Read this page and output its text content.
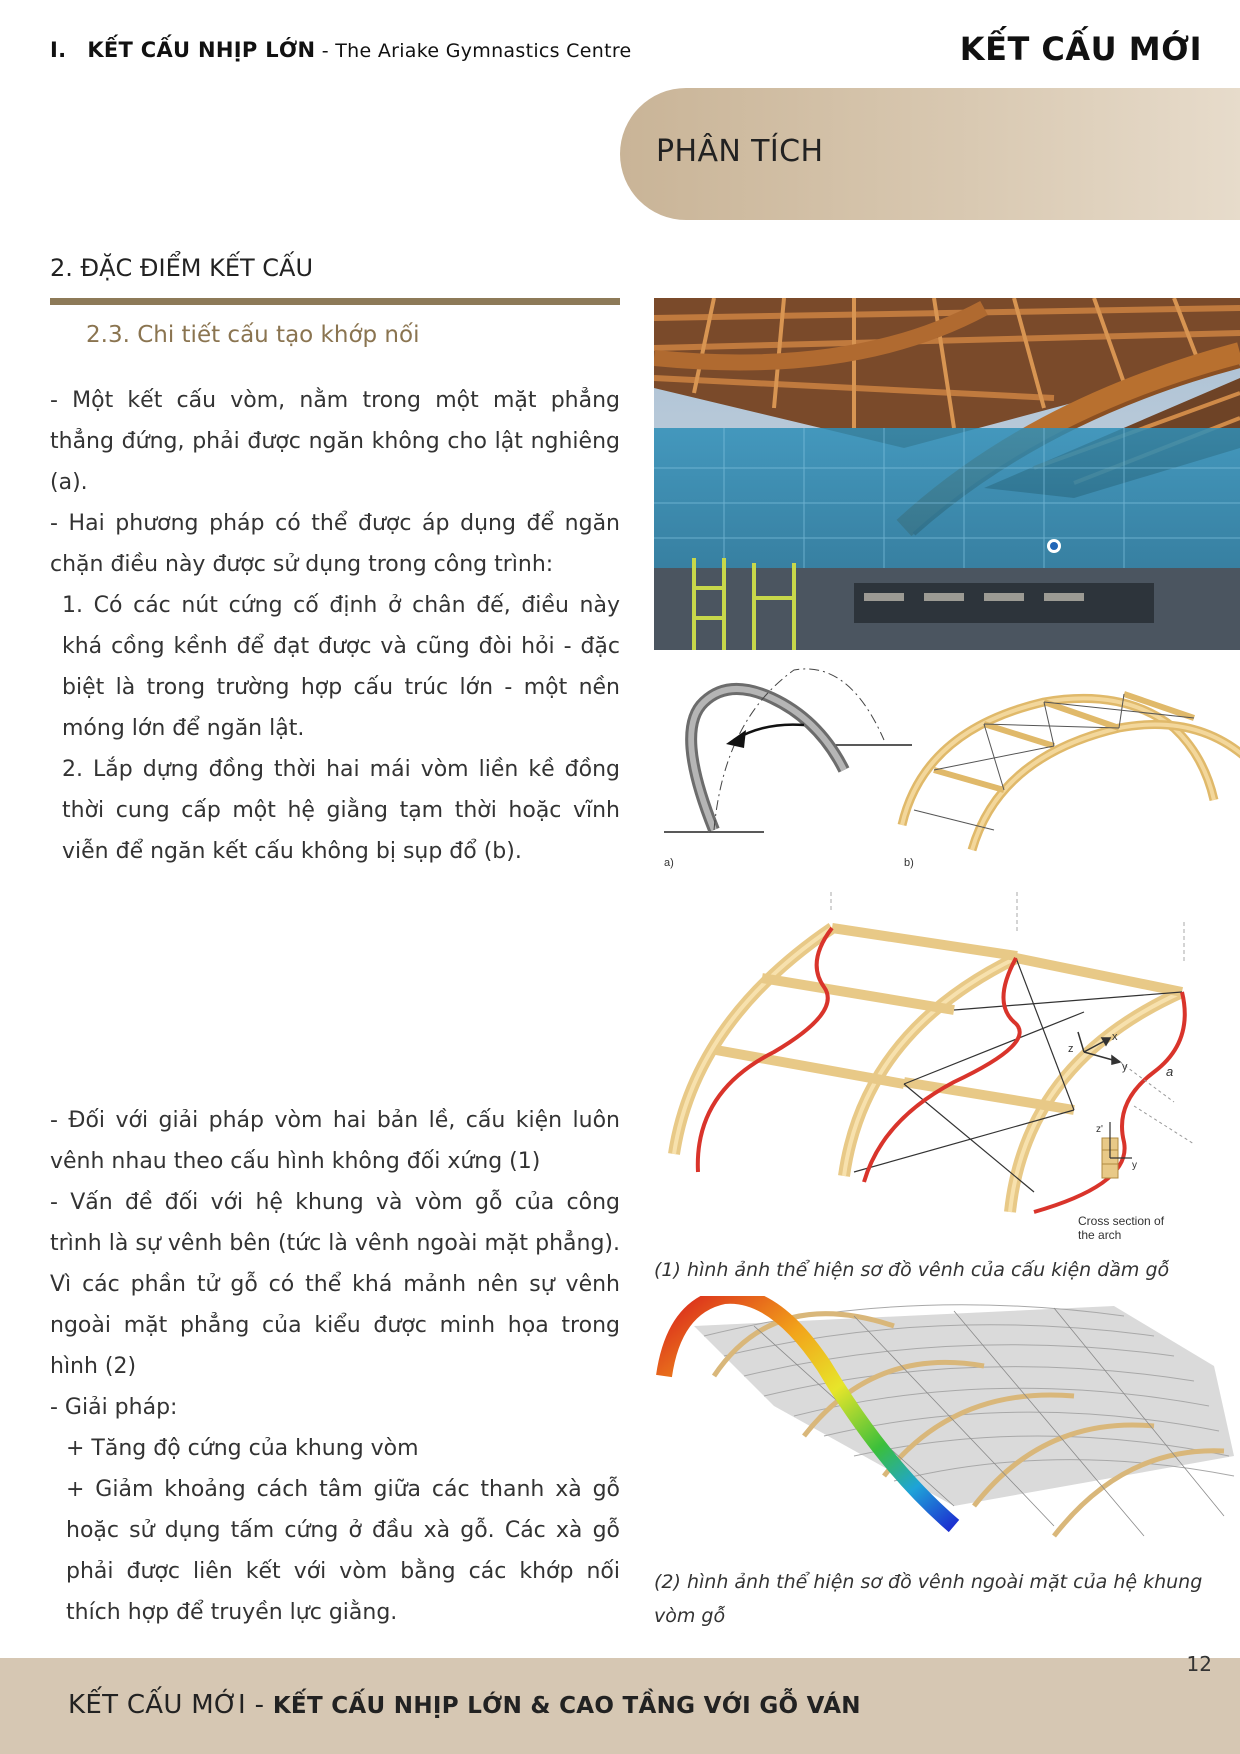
I. KẾT CẤU NHỊP LỚN - The Ariake Gymnastics Centre	KẾT CẤU MỚI
PHÂN TÍCH
2. ĐẶC ĐIỂM KẾT CẤU
2.3. Chi tiết cấu tạo khớp nối

- Một kết cấu vòm, nằm trong một mặt phẳng thẳng đứng, phải được ngăn không cho lật nghiêng (a).

- Hai phương pháp có thể được áp dụng để ngăn chặn điều này được sử dụng trong công trình:

1. Có các nút cứng cố định ở chân đế, điều này khá cồng kềnh để đạt được và cũng đòi hỏi - đặc biệt là trong trường hợp cấu trúc lớn - một nền móng lớn để ngăn lật.

2. Lắp dựng đồng thời hai mái vòm liền kề đồng thời cung cấp một hệ giằng tạm thời hoặc vĩnh viễn để ngăn kết cấu không bị sụp đổ (b).

- Đối với giải pháp vòm hai bản lề, cấu kiện luôn vênh nhau theo cấu hình không đối xứng (1)

- Vấn đề đối với hệ khung và vòm gỗ của công trình là sự vênh bên (tức là vênh ngoài mặt phẳng). Vì các phần tử gỗ có thể khá mảnh nên sự vênh ngoài mặt phẳng của kiểu được minh họa trong hình (2)

- Giải pháp:

+ Tăng độ cứng của khung vòm

+ Giảm khoảng cách tâm giữa các thanh xà gỗ hoặc sử dụng tấm cứng ở đầu xà gỗ. Các xà gỗ phải được liên kết với vòm bằng các khớp nối thích hợp để truyền lực giằng.

a)	b)
x
y
z
a
z'
y
Cross section of the arch
(1) hình ảnh thể hiện sơ đồ vênh của cấu kiện dầm gỗ
(2) hình ảnh thể hiện sơ đồ vênh ngoài mặt của hệ khung vòm gỗ
12
KẾT CẤU MỚI - KẾT CẤU NHỊP LỚN & CAO TẦNG VỚI GỖ VÁN
